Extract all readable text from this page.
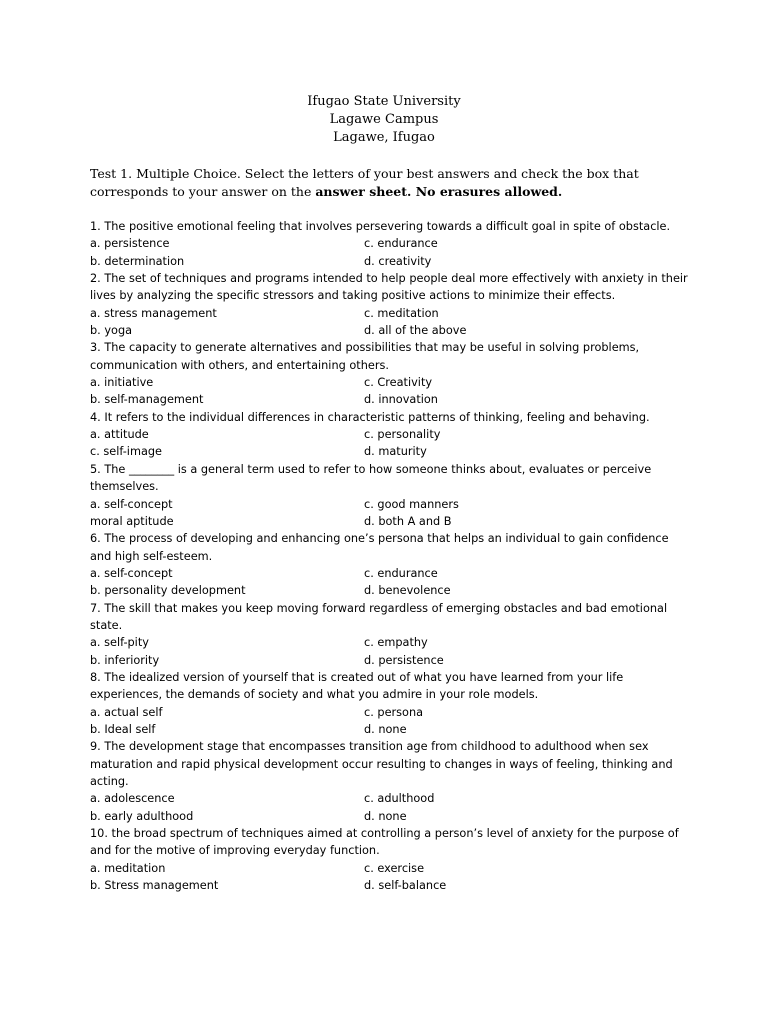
Ifugao State University
Lagawe Campus
Lagawe, Ifugao
Test 1. Multiple Choice. Select the letters of your best answers and check the box that corresponds to your answer on the answer sheet. No erasures allowed.
1. The positive emotional feeling that involves persevering towards a difficult goal in spite of obstacle.
a. persistence	c. endurance
b. determination	d. creativity
2. The set of techniques and programs intended to help people deal more effectively with anxiety in their lives by analyzing the specific stressors and taking positive actions to minimize their effects.
a. stress management	c. meditation
b. yoga	d. all of the above
3. The capacity to generate alternatives and possibilities that may be useful in solving problems, communication with others, and entertaining others.
a. initiative	c. Creativity
b. self-management	d. innovation
4. It refers to the individual differences in characteristic patterns of thinking, feeling and behaving.
a. attitude	c. personality
c. self-image	d. maturity
5. The ________ is a general term used to refer to how someone thinks about, evaluates or perceive themselves.
a. self-concept	c. good manners
moral aptitude	d. both A and B
6. The process of developing and enhancing one’s persona that helps an individual to gain confidence and high self-esteem.
a. self-concept	c. endurance
b. personality development	d. benevolence
7. The skill that makes you keep moving forward regardless of emerging obstacles and bad emotional state.
a. self-pity	c. empathy
b. inferiority	d. persistence
8. The idealized version of yourself that is created out of what you have learned from your life experiences, the demands of society and what you admire in your role models.
a. actual self	c. persona
b. Ideal self	d. none
9. The development stage that encompasses transition age from childhood to adulthood when sex maturation and rapid physical development occur resulting to changes in ways of feeling, thinking and acting.
a. adolescence	c. adulthood
b. early adulthood	d. none
10. the broad spectrum of techniques aimed at controlling a person’s level of anxiety for the purpose of and for the motive of improving everyday function.
a. meditation	c. exercise
b. Stress management	d. self-balance
